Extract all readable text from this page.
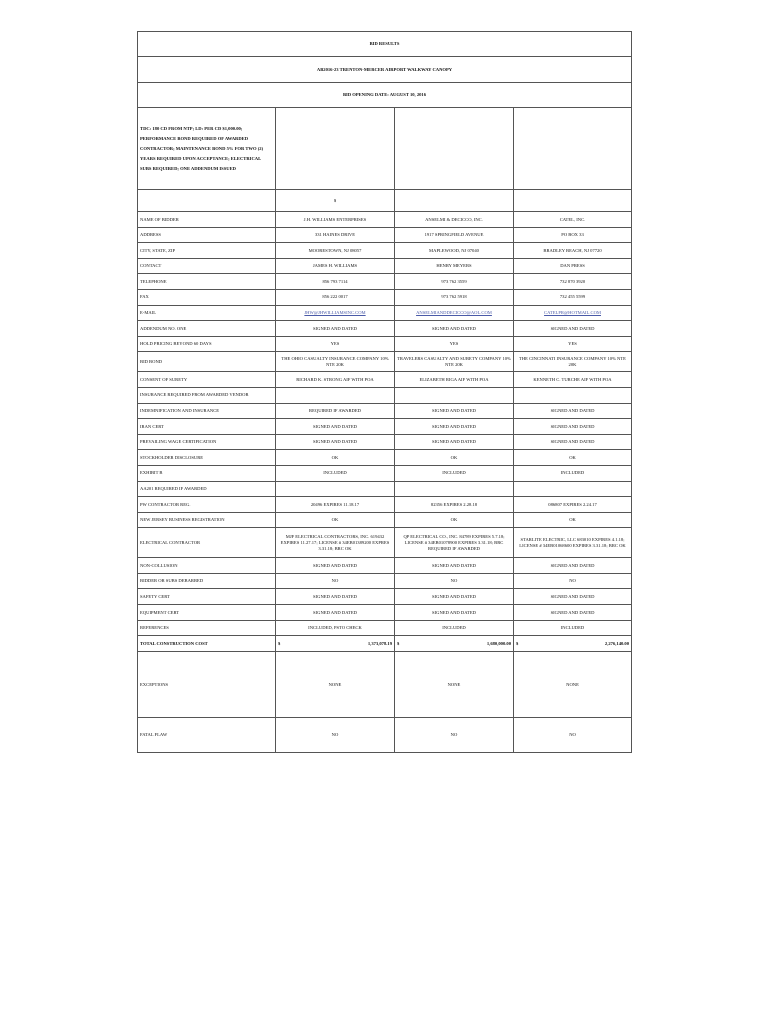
BID RESULTS			
AB2016-23 TRENTON-MERCER AIRPORT WALKWAY CANOPY			
BID OPENING DATE: AUGUST 10, 2016			
TDC: 180 CD FROM NTP; LD: PER CD $1,000.00; PERFORMANCE BOND REQUIRED OF AWARDED CONTRACTOR; MAINTENANCE BOND 5% FOR TWO (2) YEARS REQUIRED UPON ACCEPTANCE; ELECTRICAL SUBS REQUIRED; ONE ADDENDUM ISSUED			
	$		
NAME OF BIDDER	J.H. WILLIAMS ENTERPRISES	ANSELMI & DECICCO, INC.	CATEL, INC.
ADDRESS	331 HAINES DRIVE	1917 SPRINGFIELD AVENUE	PO BOX 33
CITY, STATE, ZIP	MOORESTOWN, NJ 08057	MAPLEWOOD, NJ 07040	BRADLEY BEACH, NJ 07720
CONTACT	JAMES H. WILLIAMS	HENRY MEYERS	DAN PRESS
TELEPHONE	856 793 7114	973 762 3559	732 870 3920
FAX	856 222 0017	973 762 5918	732 455 5599
E-MAIL	JHW@JHWILLIAMSINC.COM	ANSELMIANDDECICCO@AOL.COM	CATELPR@HOTMAIL.COM
ADDENDUM NO. ONE	SIGNED AND DATED	SIGNED AND DATED	SIGNED AND DATED
HOLD PRICING BEYOND 60 DAYS	YES	YES	YES
BID BOND	THE OHIO CASUALTY INSURANCE COMPANY 10% NTE 20K	TRAVELERS CASUALTY AND SURETY COMPANY 10% NTE 20K	THE CINCINNATI INSURANCE COMPANY 10% NTE 20K
CONSENT OF SURETY	RICHARD K. STRONG AIF WITH POA	ELIZABETH RIGA AIF WITH POA	KENNETH C. TURCHE AIF WITH POA
INSURANCE REQUIRED FROM AWARDED VENDOR			
INDEMNIFICATION AND INSURANCE	REQUIRED IF AWARDED	SIGNED AND DATED	SIGNED AND DATED
IRAN CERT	SIGNED AND DATED	SIGNED AND DATED	SIGNED AND DATED
PREVAILING WAGE CERTIFICATION	SIGNED AND DATED	SIGNED AND DATED	SIGNED AND DATED
STOCKHOLDER DISCLOSURE	OK	OK	OK
EXHIBIT B	INCLUDED	INCLUDED	INCLUDED
AA201 REQUIRED IF AWARDED			
PW CONTRACTOR REG.	20496 EXPIRES 11.18.17	82356 EXPIRES 2.28.18	086807 EXPIRES 2.24.17
NEW JERSEY BUSINESS REGISTRATION	OK	OK	OK
ELECTRICAL CONTRACTOR	MJF ELECTRICAL CONTRACTORS, INC. 619432 EXPIRES 11.27.17; LICENSE # 34EB01389200 EXPRES 3.31.18; BRC OK	QP ELECTRICAL CO., INC. 84789 EXPIRES 5.7.18; LICENSE # 34EB01078900 EXPIRES 3.31.18; BRC REQUIRED IF AWARDED	STARLITE ELECTRIC, LLC 683010 EXPIRES 4.1.18; LICENSE # 34EB01068600 EXPIRES 3.31.18; BRC OK
NON-COLLUSION	SIGNED AND DATED	SIGNED AND DATED	SIGNED AND DATED
BIDDER OR SUBS DEBARRED	NO	NO	NO
SAFETY CERT	SIGNED AND DATED	SIGNED AND DATED	SIGNED AND DATED
EQUIPMENT CERT	SIGNED AND DATED	SIGNED AND DATED	SIGNED AND DATED
REFERENCES	INCLUDED, PSTO CHECK	INCLUDED	INCLUDED
TOTAL CONSTRUCTION COST	$ 1,373,078.19	$ 1,680,000.00	$ 2,276,140.00

EXCEPTIONS	NONE	NONE	NONE
FATAL FLAW	NO	NO	NO
